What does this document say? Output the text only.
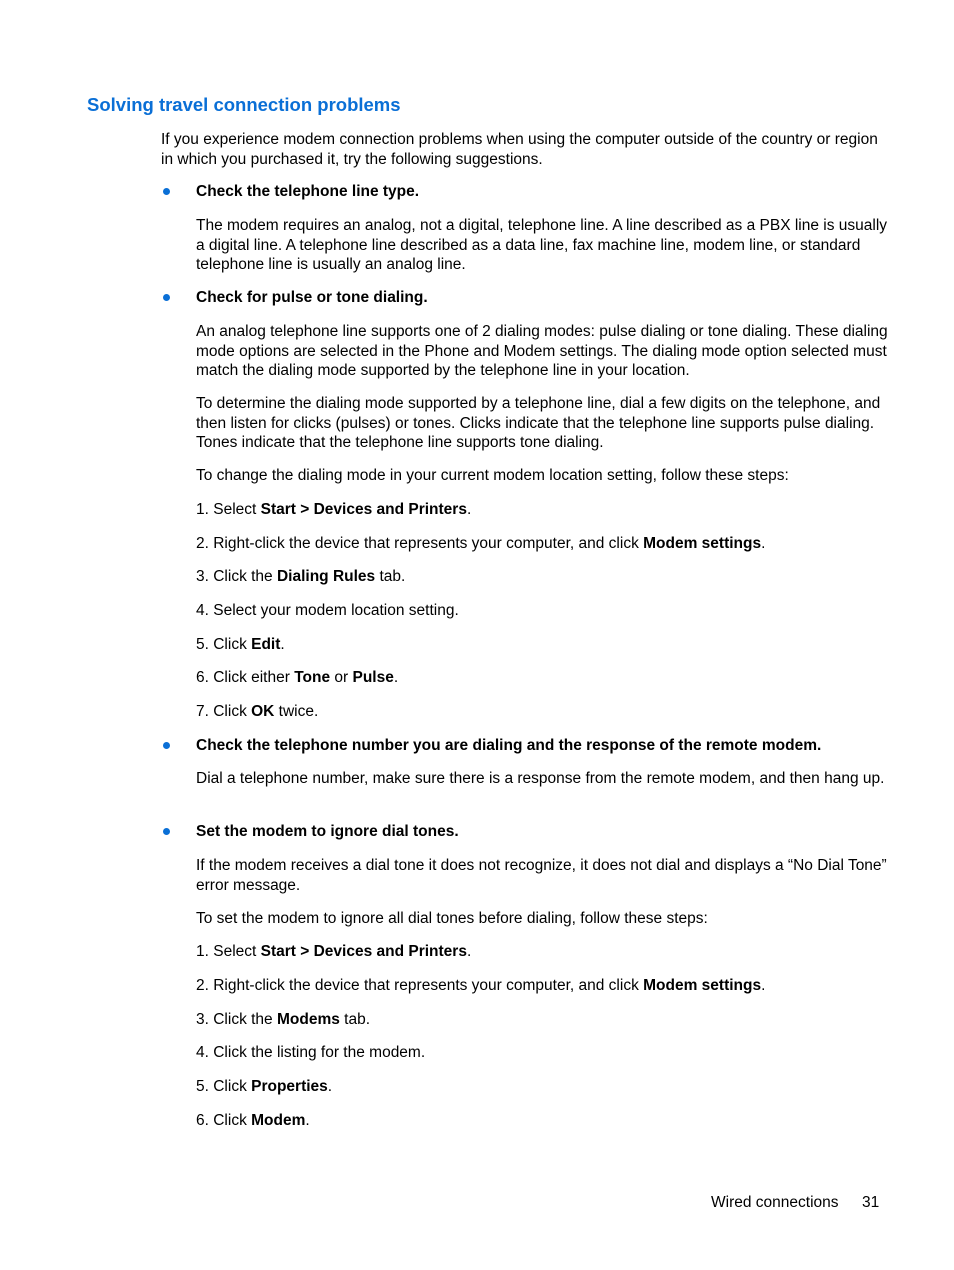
Solving travel connection problems

If you experience modem connection problems when using the computer outside of the country or region in which you purchased it, try the following suggestions.

Check the telephone line type.

The modem requires an analog, not a digital, telephone line. A line described as a PBX line is usually a digital line. A telephone line described as a data line, fax machine line, modem line, or standard telephone line is usually an analog line.

Check for pulse or tone dialing.

An analog telephone line supports one of 2 dialing modes: pulse dialing or tone dialing. These dialing mode options are selected in the Phone and Modem settings. The dialing mode option selected must match the dialing mode supported by the telephone line in your location.

To determine the dialing mode supported by a telephone line, dial a few digits on the telephone, and then listen for clicks (pulses) or tones. Clicks indicate that the telephone line supports pulse dialing. Tones indicate that the telephone line supports tone dialing.

To change the dialing mode in your current modem location setting, follow these steps:

1. Select Start > Devices and Printers.

2. Right-click the device that represents your computer, and click Modem settings.

3. Click the Dialing Rules tab.

4. Select your modem location setting.

5. Click Edit.

6. Click either Tone or Pulse.

7. Click OK twice.

Check the telephone number you are dialing and the response of the remote modem.

Dial a telephone number, make sure there is a response from the remote modem, and then hang up.

Set the modem to ignore dial tones.

If the modem receives a dial tone it does not recognize, it does not dial and displays a “No Dial Tone” error message.

To set the modem to ignore all dial tones before dialing, follow these steps:

1. Select Start > Devices and Printers.

2. Right-click the device that represents your computer, and click Modem settings.

3. Click the Modems tab.

4. Click the listing for the modem.

5. Click Properties.

6. Click Modem.

Wired connections 31
